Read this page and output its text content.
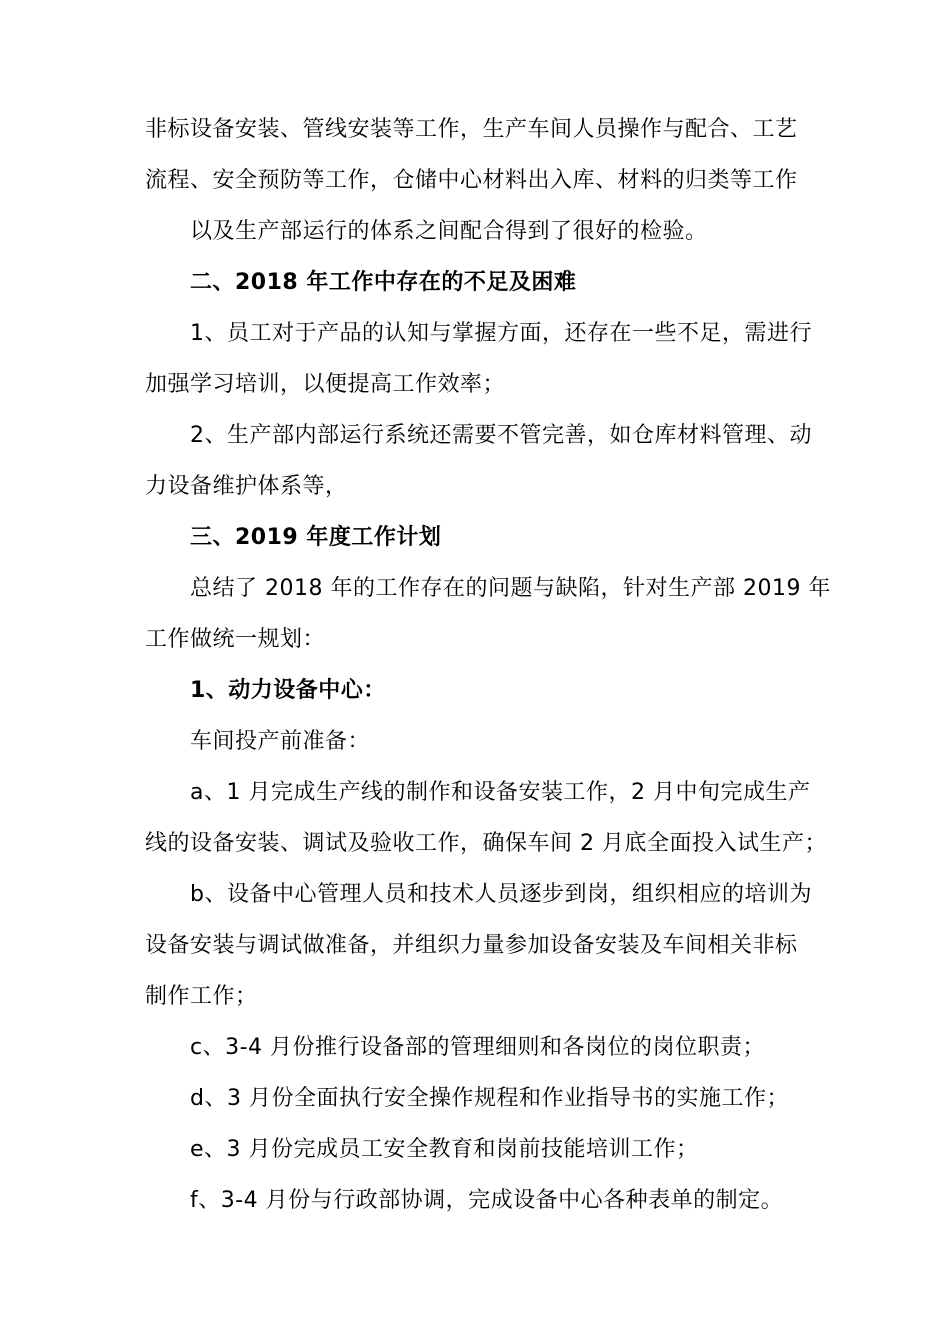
非标设备安装、管线安装等工作，生产车间人员操作与配合、工艺
流程、安全预防等工作，仓储中心材料出入库、材料的归类等工作
以及生产部运行的体系之间配合得到了很好的检验。
二、2018 年工作中存在的不足及困难
1、员工对于产品的认知与掌握方面，还存在一些不足，需进行
加强学习培训，以便提高工作效率；
2、生产部内部运行系统还需要不管完善，如仓库材料管理、动
力设备维护体系等，
三、2019 年度工作计划
总结了 2018 年的工作存在的问题与缺陷，针对生产部 2019 年
工作做统一规划：
1、动力设备中心：
车间投产前准备：
a、1 月完成生产线的制作和设备安装工作，2 月中旬完成生产
线的设备安装、调试及验收工作，确保车间 2 月底全面投入试生产；
b、设备中心管理人员和技术人员逐步到岗，组织相应的培训为
设备安装与调试做准备，并组织力量参加设备安装及车间相关非标
制作工作；
c、3-4 月份推行设备部的管理细则和各岗位的岗位职责；
d、3 月份全面执行安全操作规程和作业指导书的实施工作；
e、3 月份完成员工安全教育和岗前技能培训工作；
f、3-4 月份与行政部协调，完成设备中心各种表单的制定。
